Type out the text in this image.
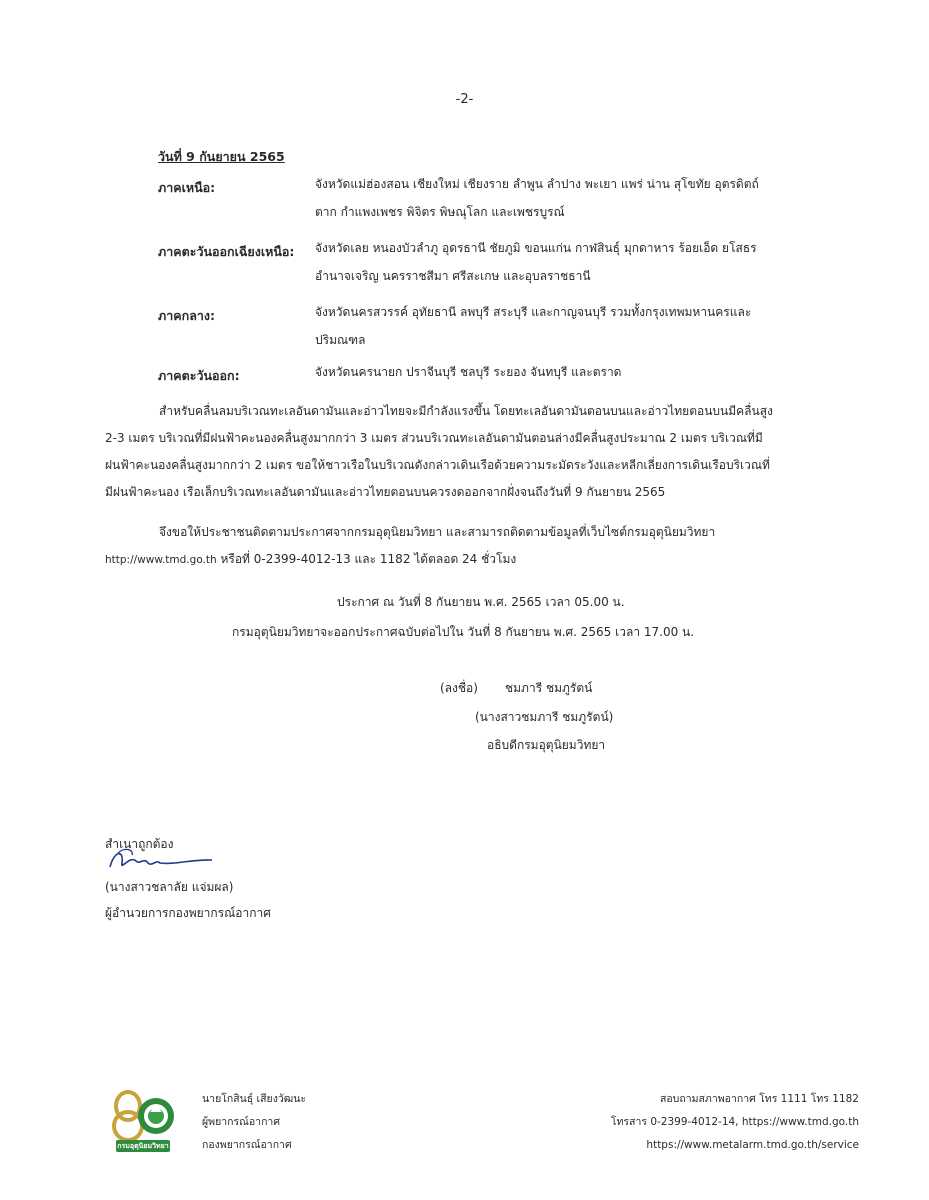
-2-
วันที่ 9 กันยายน 2565
ภาคเหนือ:	จังหวัดแม่ฮ่องสอน เชียงใหม่ เชียงราย ลำพูน ลำปาง พะเยา แพร่ น่าน สุโขทัย อุตรดิตถ์
ตาก กำแพงเพชร พิจิตร พิษณุโลก และเพชรบูรณ์
ภาคตะวันออกเฉียงเหนือ: จังหวัดเลย หนองบัวลำภู อุดรธานี ชัยภูมิ ขอนแก่น กาฬสินธุ์ มุกดาหาร ร้อยเอ็ด ยโสธร
อำนาจเจริญ นครราชสีมา ศรีสะเกษ และอุบลราชธานี
ภาคกลาง:	จังหวัดนครสวรรค์ อุทัยธานี ลพบุรี สระบุรี และกาญจนบุรี รวมทั้งกรุงเทพมหานครและ
ปริมณฑล
ภาคตะวันออก:	จังหวัดนครนายก ปราจีนบุรี ชลบุรี ระยอง จันทบุรี และตราด
สำหรับคลื่นลมบริเวณทะเลอันดามันและอ่าวไทยจะมีกำลังแรงขึ้น โดยทะเลอันดามันตอนบนและอ่าวไทยตอนบนมีคลื่นสูง
2-3 เมตร บริเวณที่มีฝนฟ้าคะนองคลื่นสูงมากกว่า 3 เมตร ส่วนบริเวณทะเลอันดามันตอนล่างมีคลื่นสูงประมาณ 2 เมตร บริเวณที่มี
ฝนฟ้าคะนองคลื่นสูงมากกว่า 2 เมตร ขอให้ชาวเรือในบริเวณดังกล่าวเดินเรือด้วยความระมัดระวังและหลีกเลี่ยงการเดินเรือบริเวณที่
มีฝนฟ้าคะนอง เรือเล็กบริเวณทะเลอันดามันและอ่าวไทยตอนบนควรงดออกจากฝั่งจนถึงวันที่ 9 กันยายน 2565
จึงขอให้ประชาชนติดตามประกาศจากกรมอุตุนิยมวิทยา และสามารถติดตามข้อมูลที่เว็บไซต์กรมอุตุนิยมวิทยา
http://www.tmd.go.th หรือที่ 0-2399-4012-13 และ 1182 ได้ตลอด 24 ชั่วโมง
ประกาศ ณ วันที่ 8 กันยายน พ.ศ. 2565 เวลา 05.00 น.
กรมอุตุนิยมวิทยาจะออกประกาศฉบับต่อไปใน วันที่ 8 กันยายน พ.ศ. 2565 เวลา 17.00 น.
(ลงชื่อ) ชมภารี ชมภูรัตน์
(นางสาวชมภารี ชมภูรัตน์)
อธิบดีกรมอุตุนิยมวิทยา
สำเนาถูกต้อง
(นางสาวชลาลัย แจ่มผล)
ผู้อำนวยการกองพยากรณ์อากาศ
กรมอุตุนิยมวิทยา
นายโกสินธุ์ เสียงวัฒนะ
ผู้พยากรณ์อากาศ
กองพยากรณ์อากาศ
สอบถามสภาพอากาศ โทร 1111 โทร 1182
โทรสาร 0-2399-4012-14, https://www.tmd.go.th
https://www.metalarm.tmd.go.th/service
